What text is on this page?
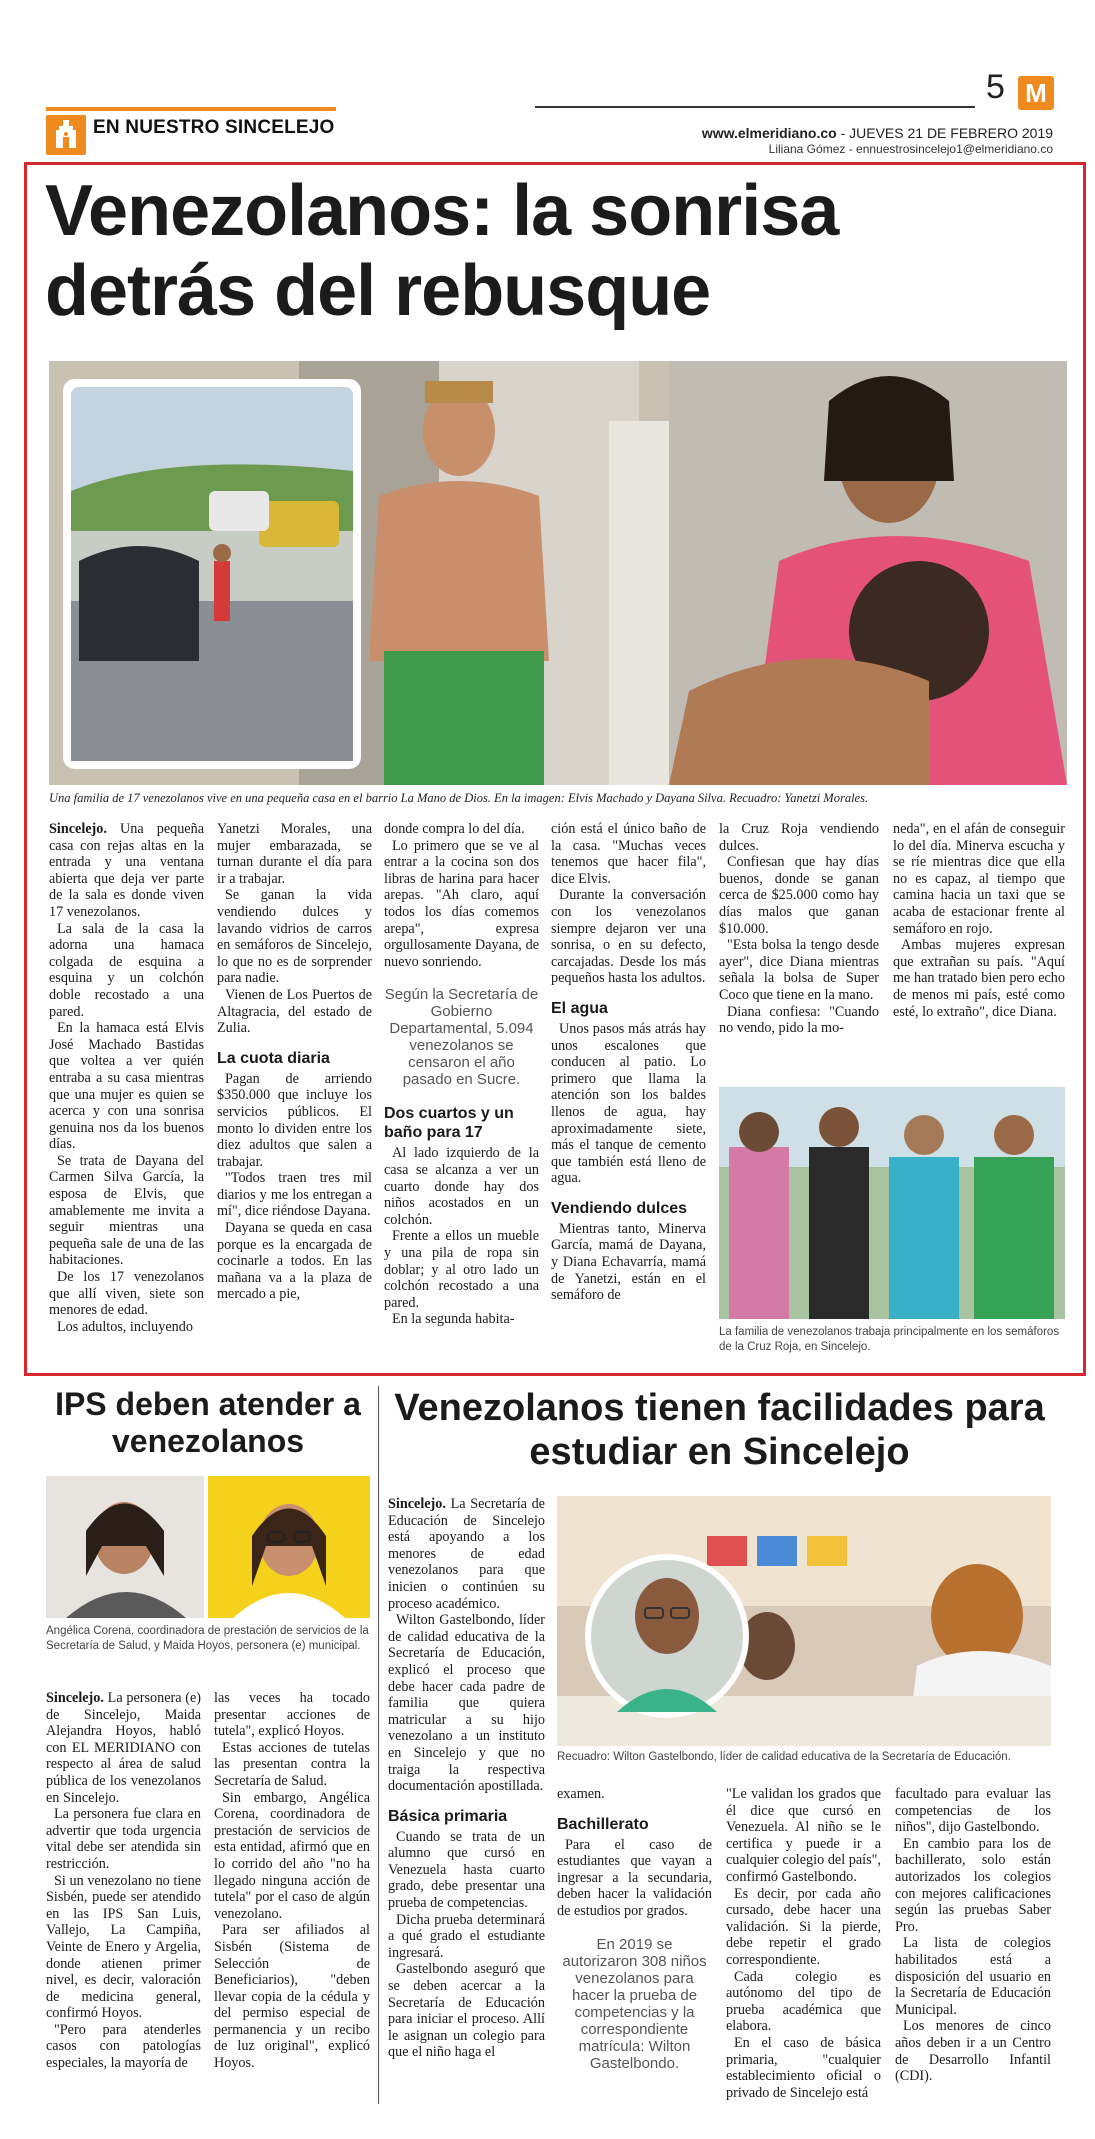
5 M
EN NUESTRO SINCELEJO	www.elmeridiano.co - JUEVES 21 DE FEBRERO 2019
Liliana Gómez - ennuestrosincelejo1@elmeridiano.co
Venezolanos: la sonrisa detrás del rebusque
Una familia de 17 venezolanos vive en una pequeña casa en el barrio La Mano de Dios. En la imagen: Elvis Machado y Dayana Silva. Recuadro: Yanetzi Morales.

Sincelejo. Una pequeña casa con rejas altas en la entrada y una ventana abierta que deja ver parte de la sala es donde viven 17 venezolanos.

La sala de la casa la adorna una hamaca colgada de esquina a esquina y un colchón doble recostado a una pared.

En la hamaca está Elvis José Machado Bastidas que voltea a ver quién entraba a su casa mientras que una mujer es quien se acerca y con una sonrisa genuina nos da los buenos días.

Se trata de Dayana del Carmen Silva García, la esposa de Elvis, que amablemente me invita a seguir mientras una pequeña sale de una de las habitaciones.

De los 17 venezolanos que allí viven, siete son menores de edad.

Los adultos, incluyendo

Yanetzi Morales, una mujer embarazada, se turnan durante el día para ir a trabajar.

Se ganan la vida vendiendo dulces y lavando vidrios de carros en semáforos de Sincelejo, lo que no es de sorprender para nadie.

Vienen de Los Puertos de Altagracia, del estado de Zulia.

La cuota diaria

Pagan de arriendo $350.000 que incluye los servicios públicos. El monto lo dividen entre los diez adultos que salen a trabajar.

"Todos traen tres mil diarios y me los entregan a mí", dice riéndose Dayana.

Dayana se queda en casa porque es la encargada de cocinarle a todos. En las mañana va a la plaza de mercado a pie,

donde compra lo del día.

Lo primero que se ve al entrar a la cocina son dos libras de harina para hacer arepas. "Ah claro, aquí todos los días comemos arepa", expresa orgullosamente Dayana, de nuevo sonriendo.

Según la Secretaría de Gobierno Departamental, 5.094 venezolanos se censaron el año pasado en Sucre.
Dos cuartos y un baño para 17

Al lado izquierdo de la casa se alcanza a ver un cuarto donde hay dos niños acostados en un colchón.

Frente a ellos un mueble y una pila de ropa sin doblar; y al otro lado un colchón recostado a una pared.

En la segunda habita-

ción está el único baño de la casa. "Muchas veces tenemos que hacer fila", dice Elvis.

Durante la conversación con los venezolanos siempre dejaron ver una sonrisa, o en su defecto, carcajadas. Desde los más pequeños hasta los adultos.

El agua

Unos pasos más atrás hay unos escalones que conducen al patio. Lo primero que llama la atención son los baldes llenos de agua, hay aproximadamente siete, más el tanque de cemento que también está lleno de agua.

Vendiendo dulces

Mientras tanto, Minerva García, mamá de Dayana, y Diana Echavarría, mamá de Yanetzi, están en el semáforo de

la Cruz Roja vendiendo dulces.

Confiesan que hay días buenos, donde se ganan cerca de $25.000 como hay días malos que ganan $10.000.

"Esta bolsa la tengo desde ayer", dice Diana mientras señala la bolsa de Super Coco que tiene en la mano.

Diana confiesa: "Cuando no vendo, pido la mo-

neda", en el afán de conseguir lo del día. Minerva escucha y se ríe mientras dice que ella no es capaz, al tiempo que camina hacia un taxi que se acaba de estacionar frente al semáforo en rojo.

Ambas mujeres expresan que extrañan su país. "Aquí me han tratado bien pero echo de menos mi país, esté como esté, lo extraño", dice Diana.

La familia de venezolanos trabaja principalmente en los semáforos de la Cruz Roja, en Sincelejo.
IPS deben atender a venezolanos
Angélica Corena, coordinadora de prestación de servicios de la Secretaría de Salud, y Maida Hoyos, personera (e) municipal.

Sincelejo. La personera (e) de Sincelejo, Maida Alejandra Hoyos, habló con EL MERIDIANO con respecto al área de salud pública de los venezolanos en Sincelejo.

La personera fue clara en advertir que toda urgencia vital debe ser atendida sin restricción.

Si un venezolano no tiene Sisbén, puede ser atendido en las IPS San Luis, Vallejo, La Campiña, Veinte de Enero y Argelia, donde atienen primer nivel, es decir, valoración de medicina general, confirmó Hoyos.

"Pero para atenderles casos con patologías especiales, la mayoría de

las veces ha tocado presentar acciones de tutela", explicó Hoyos.

Estas acciones de tutelas las presentan contra la Secretaría de Salud.

Sin embargo, Angélica Corena, coordinadora de prestación de servicios de esta entidad, afirmó que en lo corrido del año "no ha llegado ninguna acción de tutela" por el caso de algún venezolano.

Para ser afiliados al Sisbén (Sistema de Selección de Beneficiarios), "deben llevar copia de la cédula y del permiso especial de permanencia y un recibo de luz original", explicó Hoyos.

Venezolanos tienen facilidades para estudiar en Sincelejo

Sincelejo. La Secretaría de Educación de Sincelejo está apoyando a los menores de edad venezolanos para que inicien o continúen su proceso académico.

Wilton Gastelbondo, líder de calidad educativa de la Secretaría de Educación, explicó el proceso que debe hacer cada padre de familia que quiera matricular a su hijo venezolano a un instituto en Sincelejo y que no traiga la respectiva documentación apostillada.

Básica primaria

Cuando se trata de un alumno que cursó en Venezuela hasta cuarto grado, debe presentar una prueba de competencias.

Dicha prueba determinará a qué grado el estudiante ingresará.

Gastelbondo aseguró que se deben acercar a la Secretaría de Educación para iniciar el proceso. Allí le asignan un colegio para que el niño haga el

Recuadro: Wilton Gastelbondo, líder de calidad educativa de la Secretaría de Educación.

examen.

Bachillerato

Para el caso de estudiantes que vayan a ingresar a la secundaria, deben hacer la validación de estudios por grados.

En 2019 se autorizaron 308 niños venezolanos para hacer la prueba de competencias y la correspondiente matrícula: Wilton Gastelbondo.

"Le validan los grados que él dice que cursó en Venezuela. Al niño se le certifica y puede ir a cualquier colegio del país", confirmó Gastelbondo.

Es decir, por cada año cursado, debe hacer una validación. Si la pierde, debe repetir el grado correspondiente.

Cada colegio es autónomo del tipo de prueba académica que elabora.

En el caso de básica primaria, "cualquier establecimiento oficial o privado de Sincelejo está

facultado para evaluar las competencias de los niños", dijo Gastelbondo.

En cambio para los de bachillerato, solo están autorizados los colegios con mejores calificaciones según las pruebas Saber Pro.

La lista de colegios habilitados está a disposición del usuario en la Secretaría de Educación Municipal.

Los menores de cinco años deben ir a un Centro de Desarrollo Infantil (CDI).
